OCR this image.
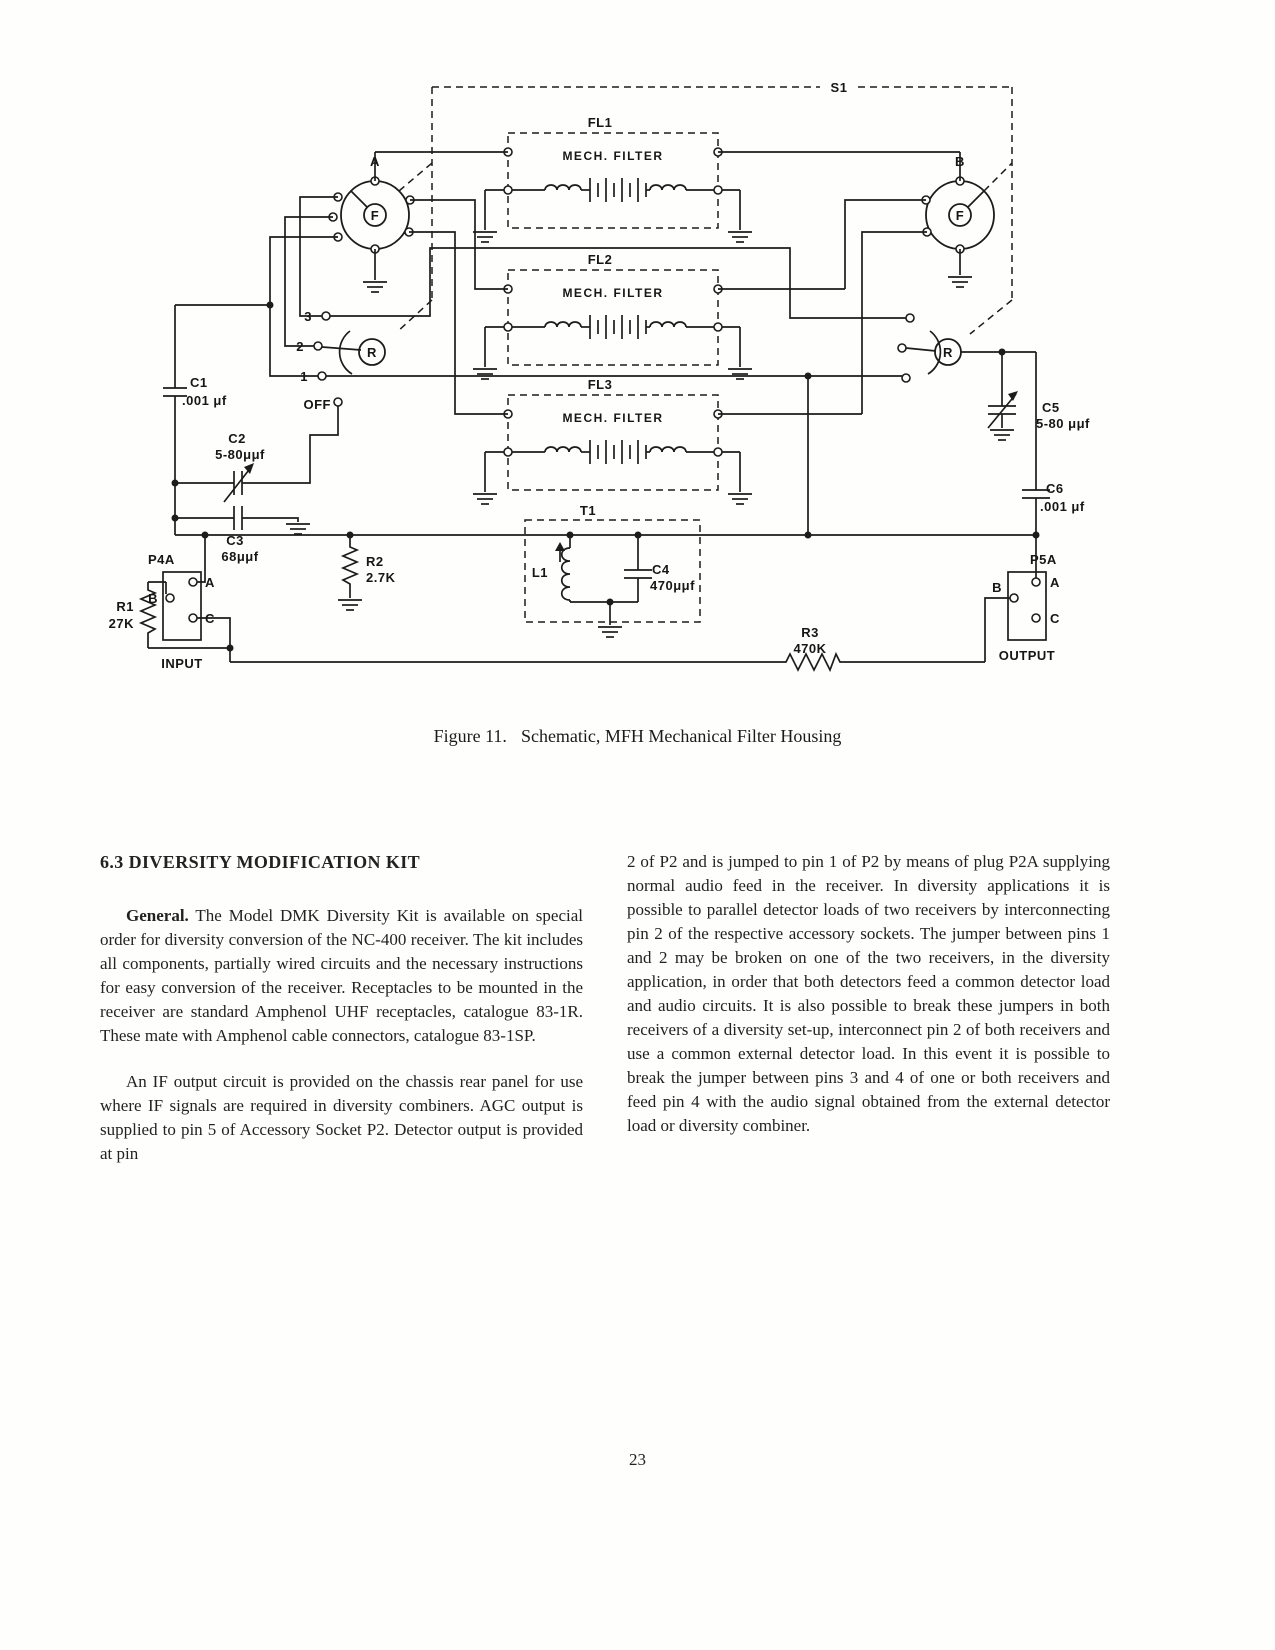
S1
FL1
MECH. FILTER
FL2
MECH. FILTER
FL3
MECH. FILTER
F
A
F
B
R
3
2
1
OFF
R
C1
.001 μf
C2
5-80μμf
C3
68μμf	R2
2.7K
T1
L1	C4
470μμf
C5
5-80 μμf
C6
.001 μf
R1
27K
R3
470K
P4A
A
B
C
INPUT
P5A
A
B
C
OUTPUT
Figure 11. Schematic, MFH Mechanical Filter Housing
6.3 DIVERSITY MODIFICATION KIT

General. The Model DMK Diversity Kit is available on special order for diversity conversion of the NC-400 receiver. The kit includes all components, partially wired circuits and the necessary instructions for easy conversion of the receiver. Receptacles to be mounted in the receiver are standard Amphenol UHF receptacles, catalogue 83-1R. These mate with Amphenol cable connectors, catalogue 83-1SP.

An IF output circuit is provided on the chassis rear panel for use where IF signals are required in diversity combiners. AGC output is supplied to pin 5 of Accessory Socket P2. Detector output is provided at pin

2 of P2 and is jumped to pin 1 of P2 by means of plug P2A supplying normal audio feed in the receiver. In diversity applications it is possible to parallel detector loads of two receivers by interconnecting pin 2 of the respective accessory sockets. The jumper between pins 1 and 2 may be broken on one of the two receivers, in the diversity application, in order that both detectors feed a common detector load and audio circuits. It is also possible to break these jumpers in both receivers of a diversity set-up, interconnect pin 2 of both receivers and use a common external detector load. In this event it is possible to break the jumper between pins 3 and 4 of one or both receivers and feed pin 4 with the audio signal obtained from the external detector load or diversity combiner.

23
